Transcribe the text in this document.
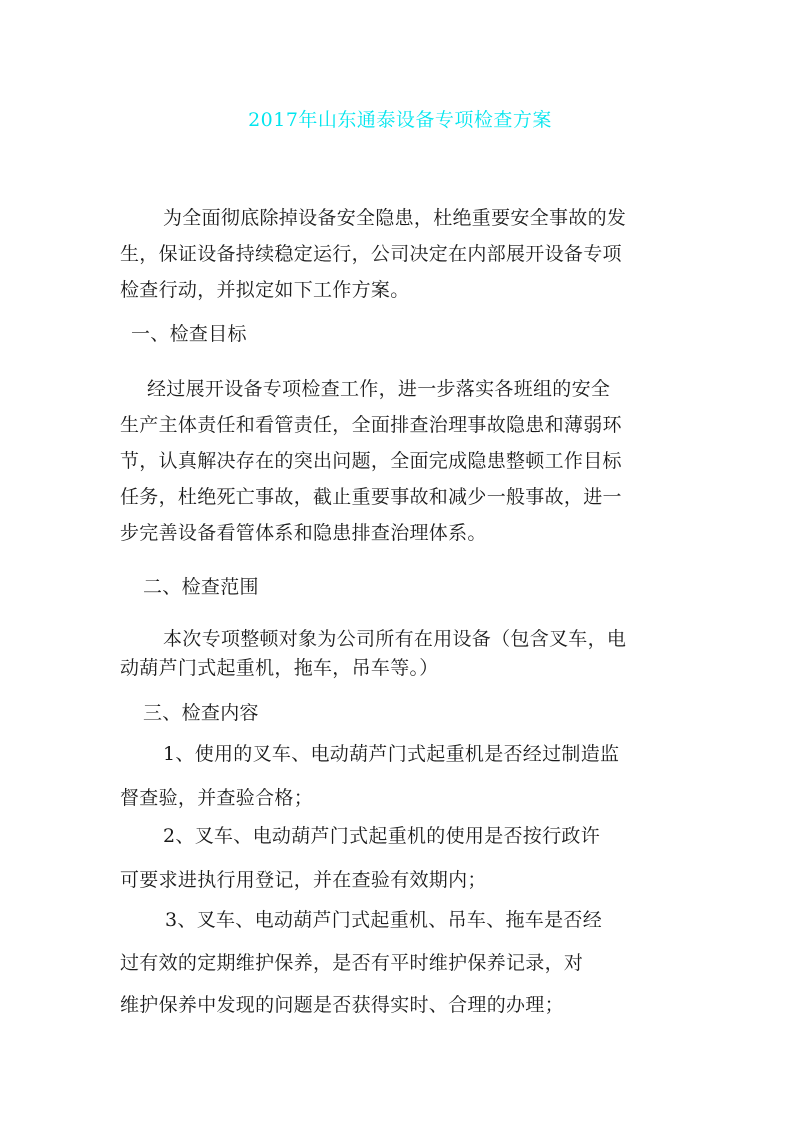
2017年山东通泰设备专项检查方案
为全面彻底除掉设备安全隐患，杜绝重要安全事故的发
生，保证设备持续稳定运行，公司决定在内部展开设备专项
检查行动，并拟定如下工作方案。
一、检查目标
经过展开设备专项检查工作，进一步落实各班组的安全
生产主体责任和看管责任，全面排查治理事故隐患和薄弱环
节，认真解决存在的突出问题，全面完成隐患整顿工作目标
任务，杜绝死亡事故，截止重要事故和减少一般事故，进一
步完善设备看管体系和隐患排查治理体系。
二、检查范围
本次专项整顿对象为公司所有在用设备（包含叉车，电
动葫芦门式起重机，拖车，吊车等。）
三、检查内容
1、使用的叉车、电动葫芦门式起重机是否经过制造监
督查验，并查验合格；
2、叉车、电动葫芦门式起重机的使用是否按行政许
可要求进执行用登记，并在查验有效期内；
3、叉车、电动葫芦门式起重机、吊车、拖车是否经
过有效的定期维护保养，是否有平时维护保养记录，对
维护保养中发现的问题是否获得实时、合理的办理；
